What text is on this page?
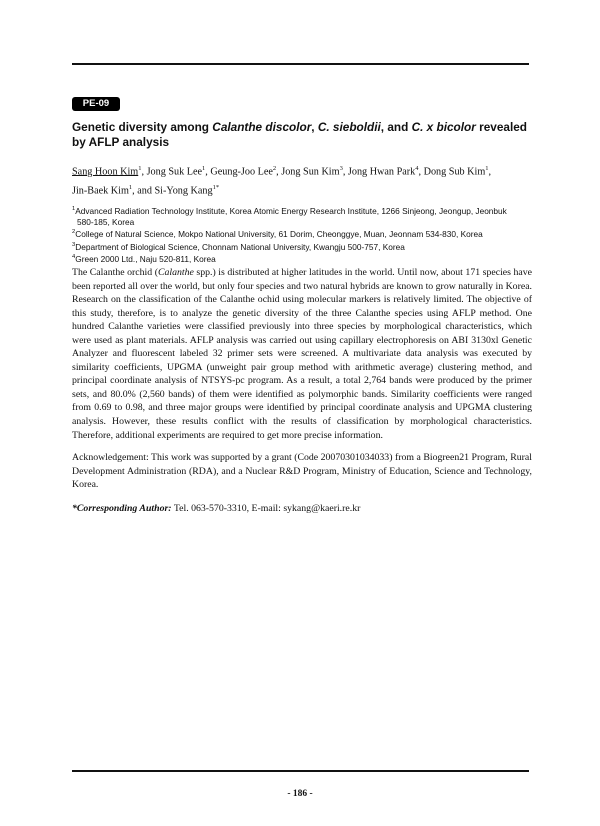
PE-09
Genetic diversity among Calanthe discolor, C. sieboldii, and C. x bicolor revealed by AFLP analysis
Sang Hoon Kim$^1$, Jong Suk Lee$^1$, Geung-Joo Lee$^2$, Jong Sun Kim$^3$, Jong Hwan Park$^4$, Dong Sub Kim$^1$,
Jin-Baek Kim$^1$, and Si-Yong Kang$^{1*}$
$^1$Advanced Radiation Technology Institute, Korea Atomic Energy Research Institute, 1266 Sinjeong, Jeongup, Jeonbuk
580-185, Korea
$^2$College of Natural Science, Mokpo National University, 61 Dorim, Cheonggye, Muan, Jeonnam 534-830, Korea
$^3$Department of Biological Science, Chonnam National University, Kwangju 500-757, Korea
$^4$Green 2000 Ltd., Naju 520-811, Korea

The Calanthe orchid (Calanthe spp.) is distributed at higher latitudes in the world. Until now, about 171 species have been reported all over the world, but only four species and two natural hybrids are known to grow naturally in Korea. Research on the classification of the Calanthe ochid using molecular markers is relatively limited. The objective of this study, therefore, is to analyze the genetic diversity of the three Calanthe species using AFLP method. One hundred Calanthe varieties were classified previously into three species by morphological characteristics, which were used as plant materials. AFLP analysis was carried out using capillary electrophoresis on ABI 3130xl Genetic Analyzer and fluorescent labeled 32 primer sets were screened. A multivariate data analysis was executed by similarity coefficients, UPGMA (unweight pair group method with arithmetic average) clustering method, and principal coordinate analysis of NTSYS-pc program. As a result, a total 2,764 bands were produced by the primer sets, and 80.0% (2,560 bands) of them were identified as polymorphic bands. Similarity coefficients were ranged from 0.69 to 0.98, and three major groups were identified by principal coordinate analysis and UPGMA clustering analysis. However, these results conflict with the results of classification by morphological characteristics. Therefore, additional experiments are required to get more precise information.

Acknowledgement: This work was supported by a grant (Code 20070301034033) from a Biogreen21 Program, Rural Development Administration (RDA), and a Nuclear R&D Program, Ministry of Education, Science and Technology, Korea.

*Corresponding Author: Tel. 063-570-3310, E-mail: sykang@kaeri.re.kr

- 186 -
